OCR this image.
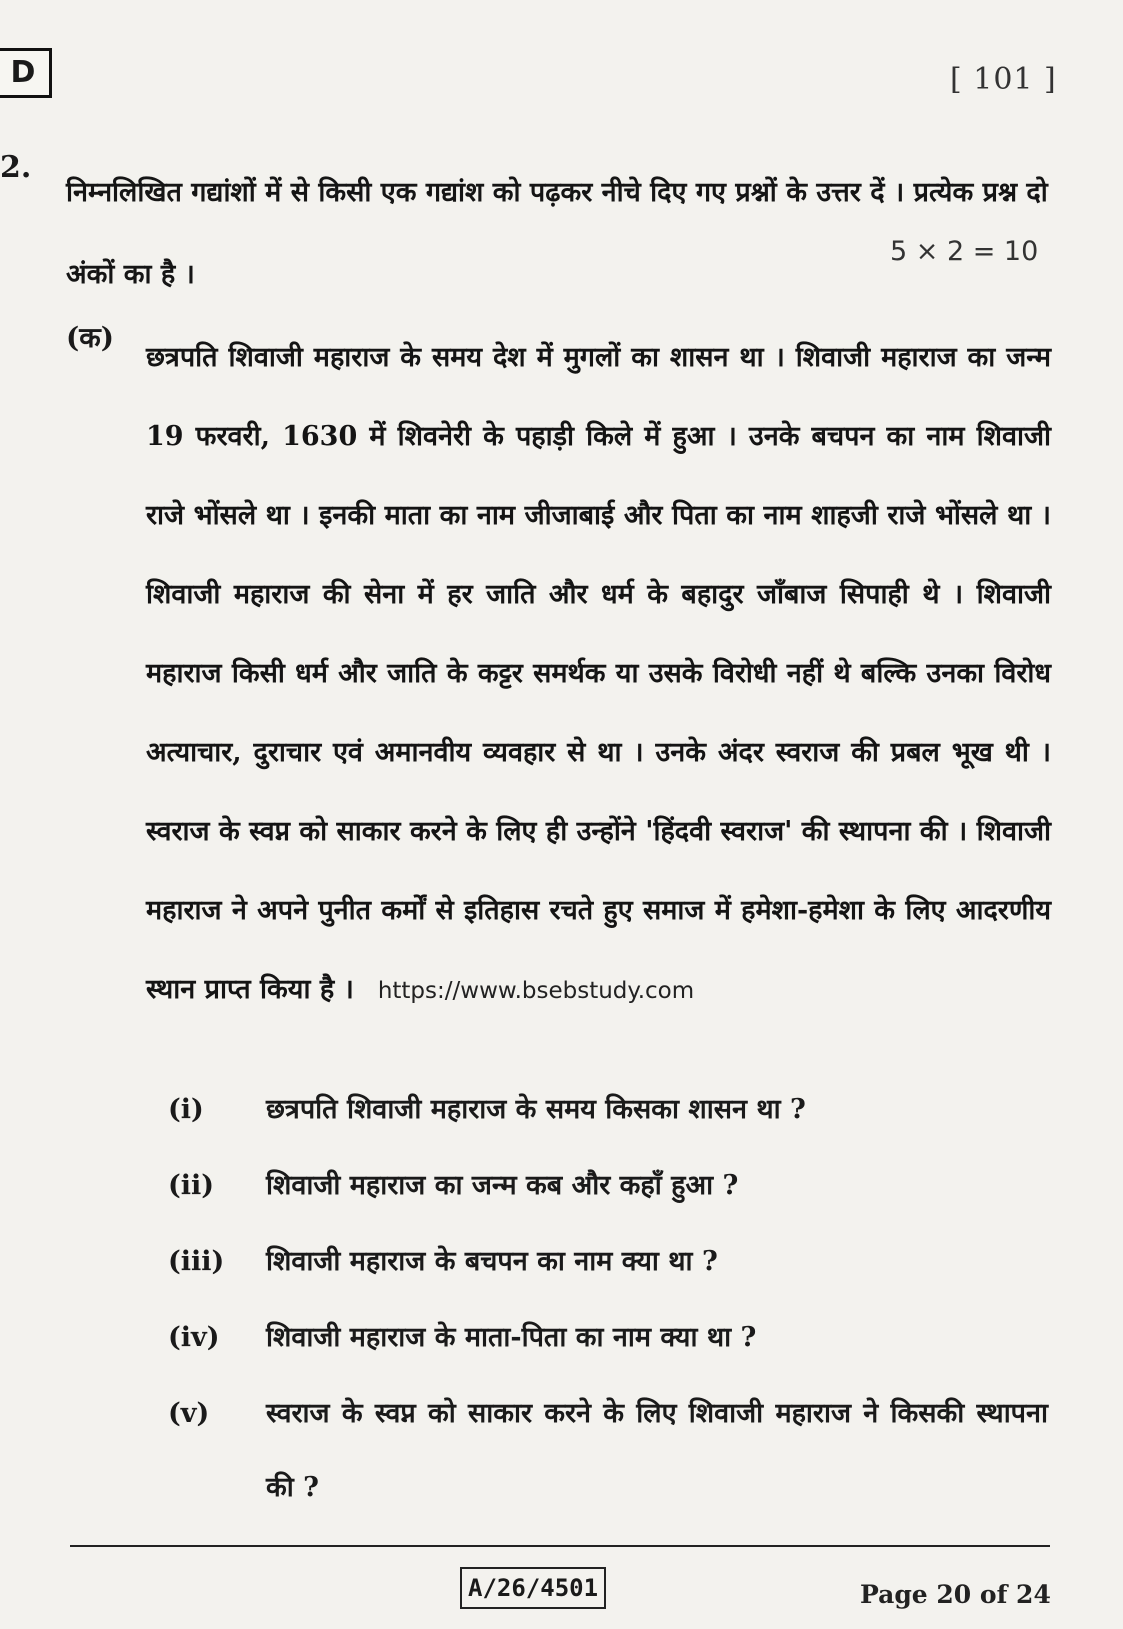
D	[ 101 ]
2.
निम्नलिखित गद्यांशों में से किसी एक गद्यांश को पढ़कर नीचे दिए गए प्रश्नों के उत्तर दें । प्रत्येक प्रश्न दो अंकों का है ।
5 × 2 = 10
(क)
छत्रपति शिवाजी महाराज के समय देश में मुगलों का शासन था । शिवाजी महाराज का जन्म 19 फरवरी, 1630 में शिवनेरी के पहाड़ी किले में हुआ । उनके बचपन का नाम शिवाजी राजे भोंसले था । इनकी माता का नाम जीजाबाई और पिता का नाम शाहजी राजे भोंसले था । शिवाजी महाराज की सेना में हर जाति और धर्म के बहादुर जाँबाज सिपाही थे । शिवाजी महाराज किसी धर्म और जाति के कट्टर समर्थक या उसके विरोधी नहीं थे बल्कि उनका विरोध अत्याचार, दुराचार एवं अमानवीय व्यवहार से था । उनके अंदर स्वराज की प्रबल भूख थी । स्वराज के स्वप्न को साकार करने के लिए ही उन्होंने 'हिंदवी स्वराज' की स्थापना की । शिवाजी महाराज ने अपने पुनीत कर्मों से इतिहास रचते हुए समाज में हमेशा-हमेशा के लिए आदरणीय स्थान प्राप्त किया है । https://www.bsebstudy.com
(i)	छत्रपति शिवाजी महाराज के समय किसका शासन था ?
(ii)	शिवाजी महाराज का जन्म कब और कहाँ हुआ ?
(iii)	शिवाजी महाराज के बचपन का नाम क्या था ?
(iv)	शिवाजी महाराज के माता-पिता का नाम क्या था ?
(v)	स्वराज के स्वप्न को साकार करने के लिए शिवाजी महाराज ने किसकी स्थापना की ?
A/26/4501	Page 20 of 24
